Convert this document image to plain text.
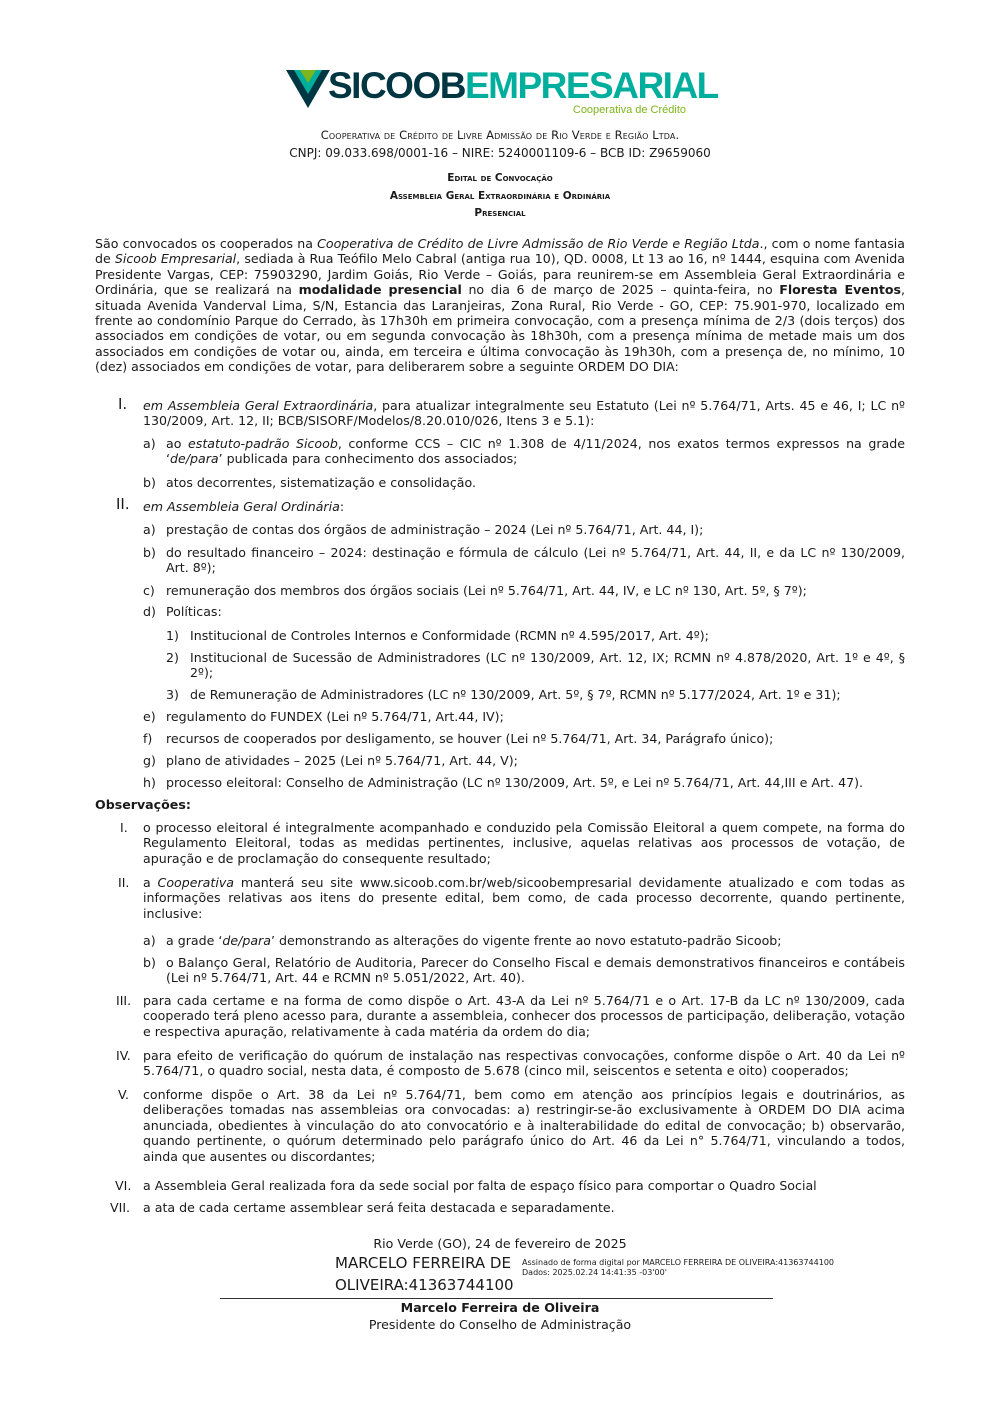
SICOOBEMPRESARIAL
Cooperativa de Crédito
Cooperativa de Crédito de Livre Admissão de Rio Verde e Região Ltda.
CNPJ: 09.033.698/0001-16 – NIRE: 5240001109-6 – BCB ID: Z9659060
Edital de Convocação
Assembleia Geral Extraordinária e Ordinária
Presencial
São convocados os cooperados na Cooperativa de Crédito de Livre Admissão de Rio Verde e Região Ltda., com o nome fantasia de Sicoob Empresarial, sediada à Rua Teófilo Melo Cabral (antiga rua 10), QD. 0008, Lt 13 ao 16, nº 1444, esquina com Avenida Presidente Vargas, CEP: 75903290, Jardim Goiás, Rio Verde – Goiás, para reunirem-se em Assembleia Geral Extraordinária e Ordinária, que se realizará na modalidade presencial no dia 6 de março de 2025 – quinta-feira, no Floresta Eventos, situada Avenida Vanderval Lima, S/N, Estancia das Laranjeiras, Zona Rural, Rio Verde - GO, CEP: 75.901-970, localizado em frente ao condomínio Parque do Cerrado, às 17h30h em primeira convocação, com a presença mínima de 2/3 (dois terços) dos associados em condições de votar, ou em segunda convocação às 18h30h, com a presença mínima de metade mais um dos associados em condições de votar ou, ainda, em terceira e última convocação às 19h30h, com a presença de, no mínimo, 10 (dez) associados em condições de votar, para deliberarem sobre a seguinte ORDEM DO DIA:
I. em Assembleia Geral Extraordinária, para atualizar integralmente seu Estatuto (Lei nº 5.764/71, Arts. 45 e 46, I; LC nº 130/2009, Art. 12, II; BCB/SISORF/Modelos/8.20.010/026, Itens 3 e 5.1):
a) ao estatuto-padrão Sicoob, conforme CCS – CIC nº 1.308 de 4/11/2024, nos exatos termos expressos na grade ‘de/para’ publicada para conhecimento dos associados;
b) atos decorrentes, sistematização e consolidação.
II. em Assembleia Geral Ordinária:
a) prestação de contas dos órgãos de administração – 2024 (Lei nº 5.764/71, Art. 44, I);
b) do resultado financeiro – 2024: destinação e fórmula de cálculo (Lei nº 5.764/71, Art. 44, II, e da LC nº 130/2009, Art. 8º);
c) remuneração dos membros dos órgãos sociais (Lei nº 5.764/71, Art. 44, IV, e LC nº 130, Art. 5º, § 7º);
d) Políticas:
1) Institucional de Controles Internos e Conformidade (RCMN nº 4.595/2017, Art. 4º);
2) Institucional de Sucessão de Administradores (LC nº 130/2009, Art. 12, IX; RCMN nº 4.878/2020, Art. 1º e 4º, § 2º);
3) de Remuneração de Administradores (LC nº 130/2009, Art. 5º, § 7º, RCMN nº 5.177/2024, Art. 1º e 31);
e) regulamento do FUNDEX (Lei nº 5.764/71, Art.44, IV);
f) recursos de cooperados por desligamento, se houver (Lei nº 5.764/71, Art. 34, Parágrafo único);
g) plano de atividades – 2025 (Lei nº 5.764/71, Art. 44, V);
h) processo eleitoral: Conselho de Administração (LC nº 130/2009, Art. 5º, e Lei nº 5.764/71, Art. 44,III e Art. 47).
Observações:
I. o processo eleitoral é integralmente acompanhado e conduzido pela Comissão Eleitoral a quem compete, na forma do Regulamento Eleitoral, todas as medidas pertinentes, inclusive, aquelas relativas aos processos de votação, de apuração e de proclamação do consequente resultado;
II. a Cooperativa manterá seu site www.sicoob.com.br/web/sicoobempresarial devidamente atualizado e com todas as informações relativas aos itens do presente edital, bem como, de cada processo decorrente, quando pertinente, inclusive:
a) a grade ‘de/para’ demonstrando as alterações do vigente frente ao novo estatuto-padrão Sicoob;
b) o Balanço Geral, Relatório de Auditoria, Parecer do Conselho Fiscal e demais demonstrativos financeiros e contábeis (Lei nº 5.764/71, Art. 44 e RCMN nº 5.051/2022, Art. 40).
III. para cada certame e na forma de como dispõe o Art. 43-A da Lei nº 5.764/71 e o Art. 17-B da LC nº 130/2009, cada cooperado terá pleno acesso para, durante a assembleia, conhecer dos processos de participação, deliberação, votação e respectiva apuração, relativamente à cada matéria da ordem do dia;
IV. para efeito de verificação do quórum de instalação nas respectivas convocações, conforme dispõe o Art. 40 da Lei nº 5.764/71, o quadro social, nesta data, é composto de 5.678 (cinco mil, seiscentos e setenta e oito) cooperados;
V. conforme dispõe o Art. 38 da Lei nº 5.764/71, bem como em atenção aos princípios legais e doutrinários, as deliberações tomadas nas assembleias ora convocadas: a) restringir-se-ão exclusivamente à ORDEM DO DIA acima anunciada, obedientes à vinculação do ato convocatório e à inalterabilidade do edital de convocação; b) observarão, quando pertinente, o quórum determinado pelo parágrafo único do Art. 46 da Lei n° 5.764/71, vinculando a todos, ainda que ausentes ou discordantes;
VI. a Assembleia Geral realizada fora da sede social por falta de espaço físico para comportar o Quadro Social
VII. a ata de cada certame assemblear será feita destacada e separadamente.
Rio Verde (GO), 24 de fevereiro de 2025
MARCELO FERREIRA DE
OLIVEIRA:41363744100
Assinado de forma digital por MARCELO FERREIRA DE OLIVEIRA:41363744100
Dados: 2025.02.24 14:41:35 -03'00'
Marcelo Ferreira de Oliveira
Presidente do Conselho de Administração
